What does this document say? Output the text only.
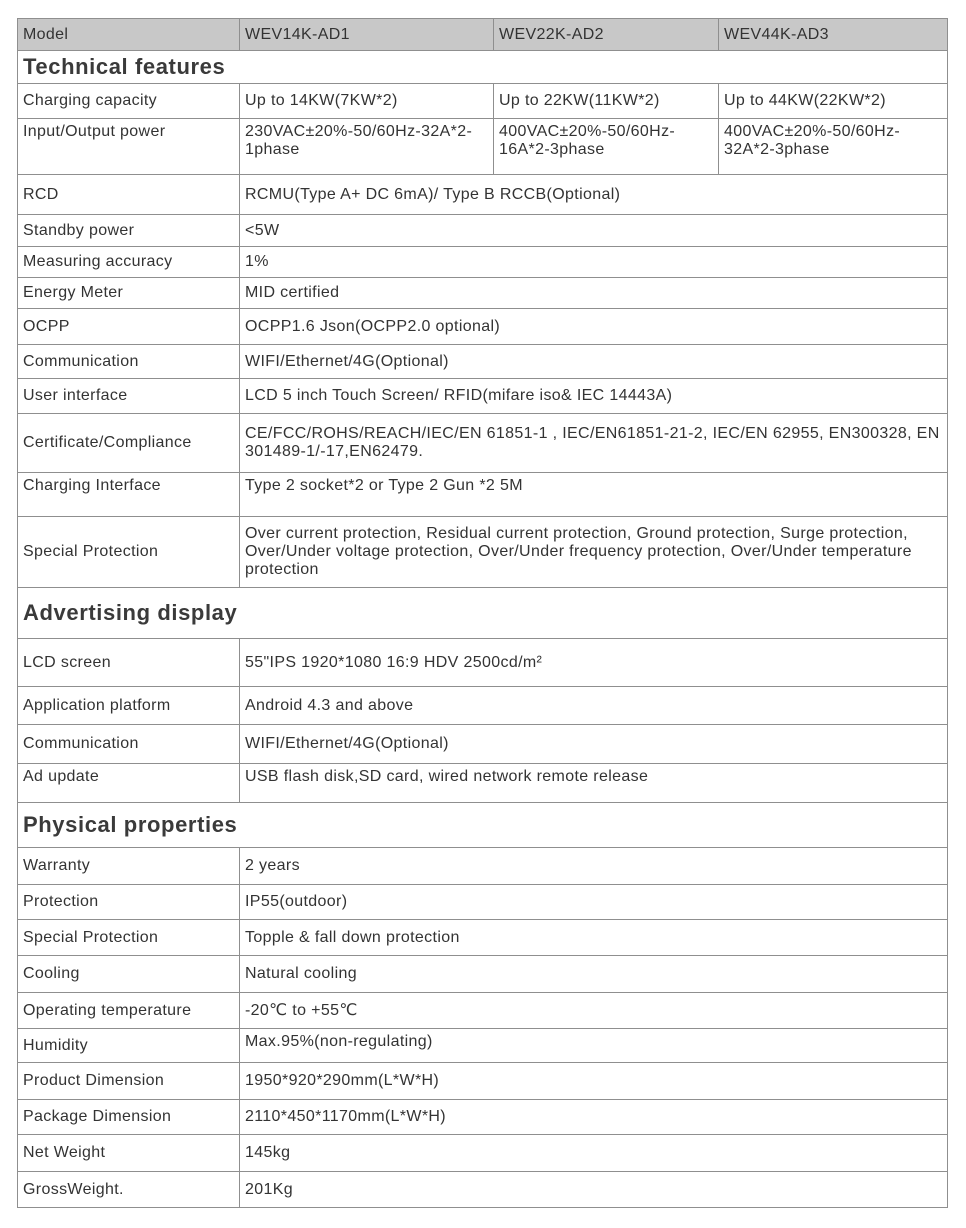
Model	WEV14K-AD1	WEV22K-AD2	WEV44K-AD3
Technical features			
Charging capacity	Up to 14KW(7KW*2)	Up to 22KW(11KW*2)	Up to 44KW(22KW*2)
Input/Output power	230VAC±20%-50/60Hz-32A*2-1phase	400VAC±20%-50/60Hz-16A*2-3phase	400VAC±20%-50/60Hz-32A*2-3phase
RCD	RCMU(Type A+ DC 6mA)/ Type B RCCB(Optional)		
Standby power	<5W		
Measuring accuracy	1%		
Energy Meter	MID certified		
OCPP	OCPP1.6 Json(OCPP2.0 optional)		
Communication	WIFI/Ethernet/4G(Optional)		
User interface	LCD 5 inch Touch Screen/ RFID(mifare iso& IEC 14443A)		
Certificate/Compliance	CE/FCC/ROHS/REACH/IEC/EN 61851-1 , IEC/EN61851-21-2, IEC/EN 62955, EN300328, EN 301489-1/-17,EN62479.		
Charging Interface	Type 2 socket*2 or Type 2 Gun *2 5M		
Special Protection	Over current protection, Residual current protection, Ground protection, Surge protection, Over/Under voltage protection, Over/Under frequency protection, Over/Under temperature protection		
Advertising display			
LCD screen	55"IPS 1920*1080 16:9 HDV 2500cd/m²		
Application platform	Android 4.3 and above		
Communication	WIFI/Ethernet/4G(Optional)		
Ad update	USB flash disk,SD card, wired network remote release		
Physical properties			
Warranty	2 years		
Protection	IP55(outdoor)		
Special Protection	Topple & fall down protection		
Cooling	Natural cooling		
Operating temperature	-20℃ to +55℃		
Humidity	Max.95%(non-regulating)		
Product Dimension	1950*920*290mm(L*W*H)		
Package Dimension	2110*450*1170mm(L*W*H)		
Net Weight	145kg		
GrossWeight.	201Kg		
